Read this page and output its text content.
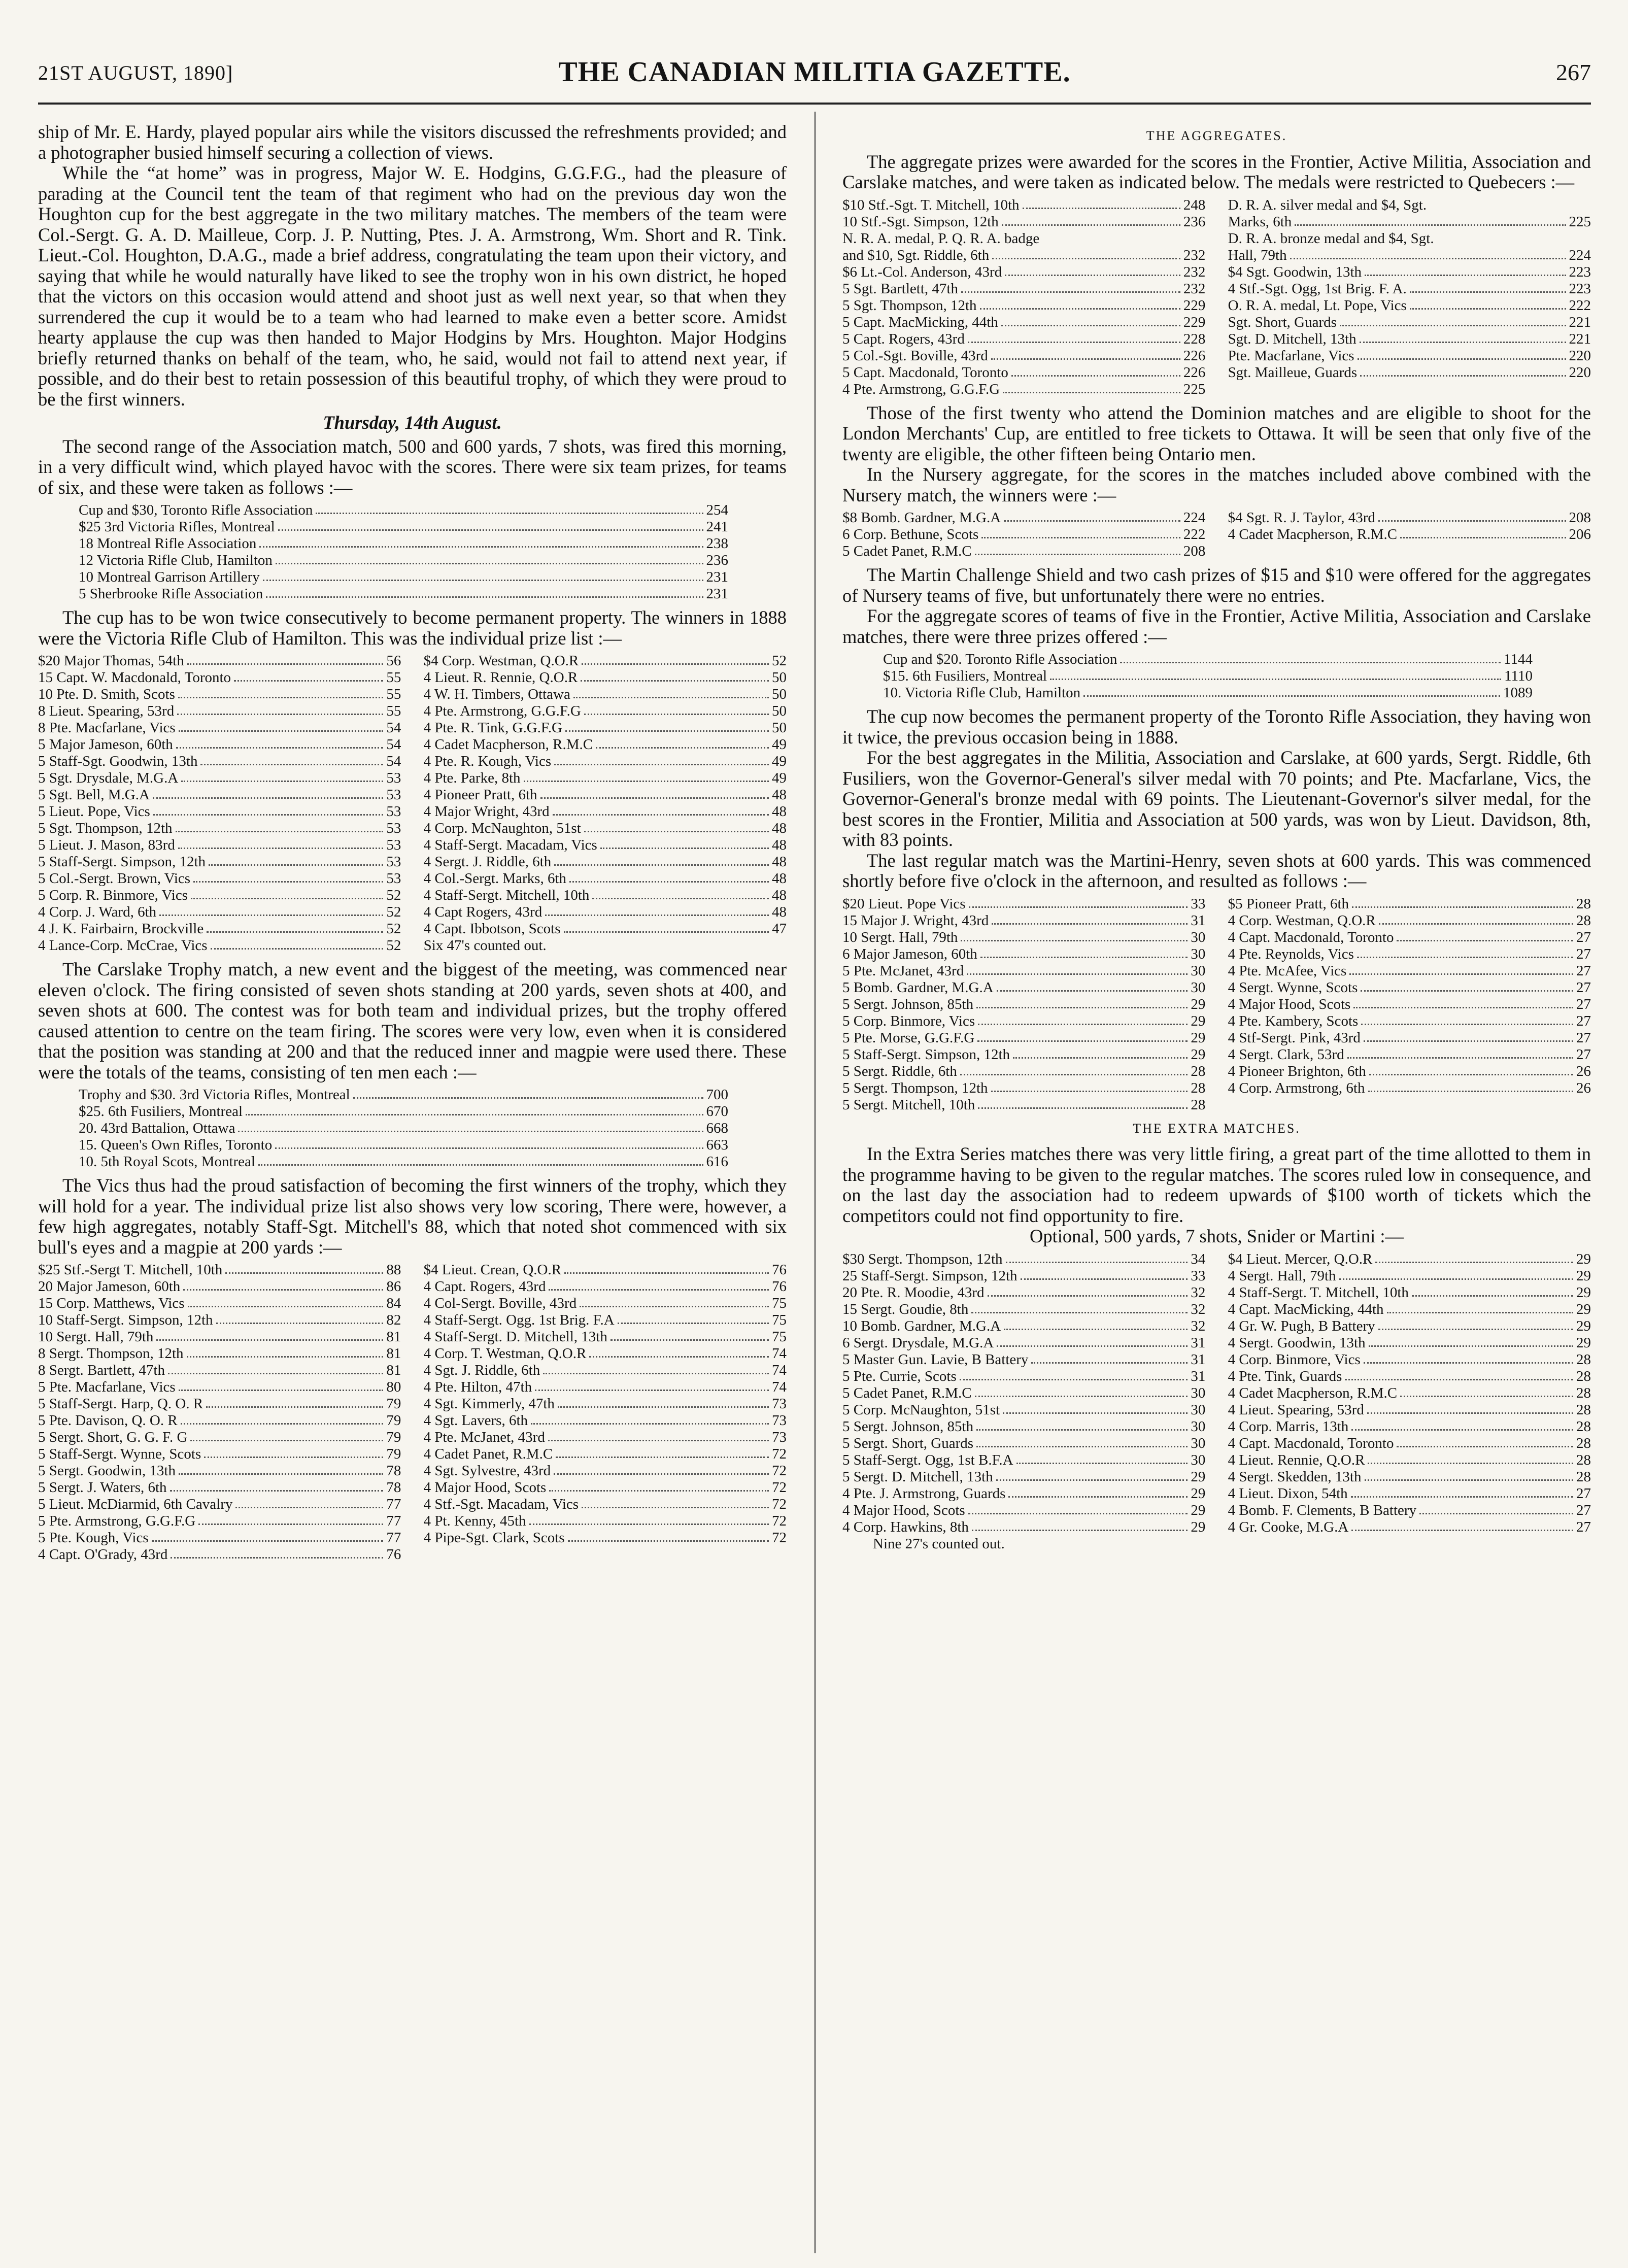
21ST AUGUST, 1890]	THE CANADIAN MILITIA GAZETTE.	267

ship of Mr. E. Hardy, played popular airs while the visitors discussed the refreshments provided; and a photographer busied himself securing a collection of views.

While the “at home” was in progress, Major W. E. Hodgins, G.G.F.G., had the pleasure of parading at the Council tent the team of that regiment who had on the previous day won the Houghton cup for the best aggregate in the two military matches. The members of the team were Col.-Sergt. G. A. D. Mailleue, Corp. J. P. Nutting, Ptes. J. A. Armstrong, Wm. Short and R. Tink. Lieut.-Col. Houghton, D.A.G., made a brief address, congratulating the team upon their victory, and saying that while he would naturally have liked to see the trophy won in his own district, he hoped that the victors on this occasion would attend and shoot just as well next year, so that when they surrendered the cup it would be to a team who had learned to make even a better score. Amidst hearty applause the cup was then handed to Major Hodgins by Mrs. Houghton. Major Hodgins briefly returned thanks on behalf of the team, who, he said, would not fail to attend next year, if possible, and do their best to retain possession of this beautiful trophy, of which they were proud to be the first winners.

Thursday, 14th August.

The second range of the Association match, 500 and 600 yards, 7 shots, was fired this morning, in a very difficult wind, which played havoc with the scores. There were six team prizes, for teams of six, and these were taken as follows :—

Cup and $30, Toronto Rifle Association	254
$25 3rd Victoria Rifles, Montreal	241
18 Montreal Rifle Association	238
12 Victoria Rifle Club, Hamilton	236
10 Montreal Garrison Artillery	231
5 Sherbrooke Rifle Association	231

The cup has to be won twice consecutively to become permanent property. The winners in 1888 were the Victoria Rifle Club of Hamilton. This was the individual prize list :—

$20 Major Thomas, 54th	56
15 Capt. W. Macdonald, Toronto	55
10 Pte. D. Smith, Scots	55
8 Lieut. Spearing, 53rd	55
8 Pte. Macfarlane, Vics	54
5 Major Jameson, 60th	54
5 Staff-Sgt. Goodwin, 13th	54
5 Sgt. Drysdale, M.G.A	53
5 Sgt. Bell, M.G.A	53
5 Lieut. Pope, Vics	53
5 Sgt. Thompson, 12th	53
5 Lieut. J. Mason, 83rd	53
5 Staff-Sergt. Simpson, 12th	53
5 Col.-Sergt. Brown, Vics	53
5 Corp. R. Binmore, Vics	52
4 Corp. J. Ward, 6th	52
4 J. K. Fairbairn, Brockville	52
4 Lance-Corp. McCrae, Vics	52
$4 Corp. Westman, Q.O.R	52
4 Lieut. R. Rennie, Q.O.R	50
4 W. H. Timbers, Ottawa	50
4 Pte. Armstrong, G.G.F.G	50
4 Pte. R. Tink, G.G.F.G	50
4 Cadet Macpherson, R.M.C	49
4 Pte. R. Kough, Vics	49
4 Pte. Parke, 8th	49
4 Pioneer Pratt, 6th	48
4 Major Wright, 43rd	48
4 Corp. McNaughton, 51st	48
4 Staff-Sergt. Macadam, Vics	48
4 Sergt. J. Riddle, 6th	48
4 Col.-Sergt. Marks, 6th	48
4 Staff-Sergt. Mitchell, 10th	48
4 Capt Rogers, 43rd	48
4 Capt. Ibbotson, Scots	47
Six 47's counted out.

The Carslake Trophy match, a new event and the biggest of the meeting, was commenced near eleven o'clock. The firing consisted of seven shots standing at 200 yards, seven shots at 400, and seven shots at 600. The contest was for both team and individual prizes, but the trophy offered caused attention to centre on the team firing. The scores were very low, even when it is considered that the position was standing at 200 and that the reduced inner and magpie were used there. These were the totals of the teams, consisting of ten men each :—

Trophy and $30. 3rd Victoria Rifles, Montreal	700
$25. 6th Fusiliers, Montreal	670
20. 43rd Battalion, Ottawa	668
15. Queen's Own Rifles, Toronto	663
10. 5th Royal Scots, Montreal	616

The Vics thus had the proud satisfaction of becoming the first winners of the trophy, which they will hold for a year. The individual prize list also shows very low scoring, There were, however, a few high aggregates, notably Staff-Sgt. Mitchell's 88, which that noted shot commenced with six bull's eyes and a magpie at 200 yards :—

$25 Stf.-Sergt T. Mitchell, 10th	88
20 Major Jameson, 60th	86
15 Corp. Matthews, Vics	84
10 Staff-Sergt. Simpson, 12th	82
10 Sergt. Hall, 79th	81
8 Sergt. Thompson, 12th	81
8 Sergt. Bartlett, 47th	81
5 Pte. Macfarlane, Vics	80
5 Staff-Sergt. Harp, Q. O. R	79
5 Pte. Davison, Q. O. R	79
5 Sergt. Short, G. G. F. G	79
5 Staff-Sergt. Wynne, Scots	79
5 Sergt. Goodwin, 13th	78
5 Sergt. J. Waters, 6th	78
5 Lieut. McDiarmid, 6th Cavalry	77
5 Pte. Armstrong, G.G.F.G	77
5 Pte. Kough, Vics	77
4 Capt. O'Grady, 43rd	76
$4 Lieut. Crean, Q.O.R	76
4 Capt. Rogers, 43rd	76
4 Col-Sergt. Boville, 43rd	75
4 Staff-Sergt. Ogg. 1st Brig. F.A	75
4 Staff-Sergt. D. Mitchell, 13th	75
4 Corp. T. Westman, Q.O.R	74
4 Sgt. J. Riddle, 6th	74
4 Pte. Hilton, 47th	74
4 Sgt. Kimmerly, 47th	73
4 Sgt. Lavers, 6th	73
4 Pte. McJanet, 43rd	73
4 Cadet Panet, R.M.C	72
4 Sgt. Sylvestre, 43rd	72
4 Major Hood, Scots	72
4 Stf.-Sgt. Macadam, Vics	72
4 Pt. Kenny, 45th	72
4 Pipe-Sgt. Clark, Scots	72
THE AGGREGATES.

The aggregate prizes were awarded for the scores in the Frontier, Active Militia, Association and Carslake matches, and were taken as indicated below. The medals were restricted to Quebecers :—

$10 Stf.-Sgt. T. Mitchell, 10th	248
10 Stf.-Sgt. Simpson, 12th	236
N. R. A. medal, P. Q. R. A. badge
and $10, Sgt. Riddle, 6th	232
$6 Lt.-Col. Anderson, 43rd	232
5 Sgt. Bartlett, 47th	232
5 Sgt. Thompson, 12th	229
5 Capt. MacMicking, 44th	229
5 Capt. Rogers, 43rd	228
5 Col.-Sgt. Boville, 43rd	226
5 Capt. Macdonald, Toronto	226
4 Pte. Armstrong, G.G.F.G	225
D. R. A. silver medal and $4, Sgt.
Marks, 6th	225
D. R. A. bronze medal and $4, Sgt.
Hall, 79th	224
$4 Sgt. Goodwin, 13th	223
4 Stf.-Sgt. Ogg, 1st Brig. F. A.	223
O. R. A. medal, Lt. Pope, Vics	222
Sgt. Short, Guards	221
Sgt. D. Mitchell, 13th	221
Pte. Macfarlane, Vics	220
Sgt. Mailleue, Guards	220

Those of the first twenty who attend the Dominion matches and are eligible to shoot for the London Merchants' Cup, are entitled to free tickets to Ottawa. It will be seen that only five of the twenty are eligible, the other fifteen being Ontario men.

In the Nursery aggregate, for the scores in the matches included above combined with the Nursery match, the winners were :—

$8 Bomb. Gardner, M.G.A	224
6 Corp. Bethune, Scots	222
5 Cadet Panet, R.M.C	208
$4 Sgt. R. J. Taylor, 43rd	208
4 Cadet Macpherson, R.M.C	206

The Martin Challenge Shield and two cash prizes of $15 and $10 were offered for the aggregates of Nursery teams of five, but unfortunately there were no entries.

For the aggregate scores of teams of five in the Frontier, Active Militia, Association and Carslake matches, there were three prizes offered :—

Cup and $20. Toronto Rifle Association	1144
$15. 6th Fusiliers, Montreal	1110
10. Victoria Rifle Club, Hamilton	1089

The cup now becomes the permanent property of the Toronto Rifle Association, they having won it twice, the previous occasion being in 1888.

For the best aggregates in the Militia, Association and Carslake, at 600 yards, Sergt. Riddle, 6th Fusiliers, won the Governor-General's silver medal with 70 points; and Pte. Macfarlane, Vics, the Governor-General's bronze medal with 69 points. The Lieutenant-Governor's silver medal, for the best scores in the Frontier, Militia and Association at 500 yards, was won by Lieut. Davidson, 8th, with 83 points.

The last regular match was the Martini-Henry, seven shots at 600 yards. This was commenced shortly before five o'clock in the afternoon, and resulted as follows :—

$20 Lieut. Pope Vics	33
15 Major J. Wright, 43rd	31
10 Sergt. Hall, 79th	30
6 Major Jameson, 60th	30
5 Pte. McJanet, 43rd	30
5 Bomb. Gardner, M.G.A	30
5 Sergt. Johnson, 85th	29
5 Corp. Binmore, Vics	29
5 Pte. Morse, G.G.F.G	29
5 Staff-Sergt. Simpson, 12th	29
5 Sergt. Riddle, 6th	28
5 Sergt. Thompson, 12th	28
5 Sergt. Mitchell, 10th	28
$5 Pioneer Pratt, 6th	28
4 Corp. Westman, Q.O.R	28
4 Capt. Macdonald, Toronto	27
4 Pte. Reynolds, Vics	27
4 Pte. McAfee, Vics	27
4 Sergt. Wynne, Scots	27
4 Major Hood, Scots	27
4 Pte. Kambery, Scots	27
4 Stf-Sergt. Pink, 43rd	27
4 Sergt. Clark, 53rd	27
4 Pioneer Brighton, 6th	26
4 Corp. Armstrong, 6th	26
THE EXTRA MATCHES.

In the Extra Series matches there was very little firing, a great part of the time allotted to them in the programme having to be given to the regular matches. The scores ruled low in consequence, and on the last day the association had to redeem upwards of $100 worth of tickets which the competitors could not find opportunity to fire.

Optional, 500 yards, 7 shots, Snider or Martini :—
$30 Sergt. Thompson, 12th	34
25 Staff-Sergt. Simpson, 12th	33
20 Pte. R. Moodie, 43rd	32
15 Sergt. Goudie, 8th	32
10 Bomb. Gardner, M.G.A	32
6 Sergt. Drysdale, M.G.A	31
5 Master Gun. Lavie, B Battery	31
5 Pte. Currie, Scots	31
5 Cadet Panet, R.M.C	30
5 Corp. McNaughton, 51st	30
5 Sergt. Johnson, 85th	30
5 Sergt. Short, Guards	30
5 Staff-Sergt. Ogg, 1st B.F.A	30
5 Sergt. D. Mitchell, 13th	29
4 Pte. J. Armstrong, Guards	29
4 Major Hood, Scots	29
4 Corp. Hawkins, 8th	29
Nine 27's counted out.
$4 Lieut. Mercer, Q.O.R	29
4 Sergt. Hall, 79th	29
4 Staff-Sergt. T. Mitchell, 10th	29
4 Capt. MacMicking, 44th	29
4 Gr. W. Pugh, B Battery	29
4 Sergt. Goodwin, 13th	29
4 Corp. Binmore, Vics	28
4 Pte. Tink, Guards	28
4 Cadet Macpherson, R.M.C	28
4 Lieut. Spearing, 53rd	28
4 Corp. Marris, 13th	28
4 Capt. Macdonald, Toronto	28
4 Lieut. Rennie, Q.O.R	28
4 Sergt. Skedden, 13th	28
4 Lieut. Dixon, 54th	27
4 Bomb. F. Clements, B Battery	27
4 Gr. Cooke, M.G.A	27
